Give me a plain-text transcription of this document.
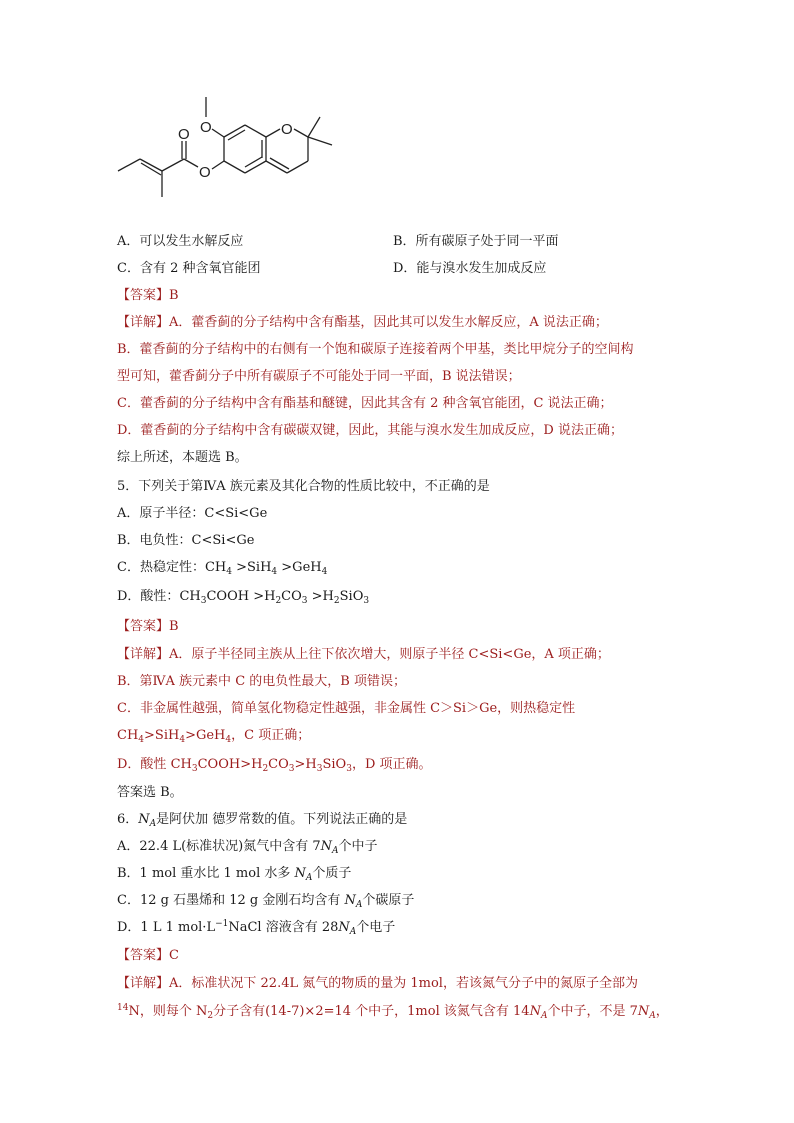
O	O
O
O
A．可以发生水解反应	B．所有碳原子处于同一平面
C．含有 2 种含氧官能团	D．能与溴水发生加成反应
【答案】B
【详解】A．藿香蓟的分子结构中含有酯基，因此其可以发生水解反应，A 说法正确；
B．藿香蓟的分子结构中的右侧有一个饱和碳原子连接着两个甲基，类比甲烷分子的空间构
型可知，藿香蓟分子中所有碳原子不可能处于同一平面，B 说法错误；
C．藿香蓟的分子结构中含有酯基和醚键，因此其含有 2 种含氧官能团，C 说法正确；
D．藿香蓟的分子结构中含有碳碳双键，因此，其能与溴水发生加成反应，D 说法正确；
综上所述，本题选 B。
5．下列关于第ⅣA 族元素及其化合物的性质比较中，不正确的是
A．原子半径：C<Si<Ge
B．电负性：C<Si<Ge
C．热稳定性：$CH_4 >SiH_4 >GeH_4$
D．酸性：$CH_3COOH >H_2CO_3 >H_2SiO_3$
【答案】B
【详解】A．原子半径同主族从上往下依次增大，则原子半径 C<Si<Ge，A 项正确；
B．第ⅣA 族元素中 C 的电负性最大，B 项错误；
C．非金属性越强，简单氢化物稳定性越强，非金属性 C＞Si＞Ge，则热稳定性
$CH_4>SiH_4>GeH_4$，C 项正确；
D．酸性 $CH_3COOH>H_2CO_3>H_3SiO_3$，D 项正确。
答案选 B。
6．$N_A$是阿伏加 德罗常数的值。下列说法正确的是
A．22.4 L(标准状况)氮气中含有 $7N_A$个中子
B．1 mol 重水比 1 mol 水多 $N_A$个质子
C．12 g 石墨烯和 12 g 金刚石均含有 $N_A$个碳原子
D．1 L 1 $mol\cdot L^{-1}NaCl$ 溶液含有 $28N_A$个电子
【答案】C
【详解】A．标准状况下 22.4L 氮气的物质的量为 1mol，若该氮气分子中的氮原子全部为
$^{14}$N，则每个 $N_2$分子含有(14-7)×2=14 个中子，1mol 该氮气含有 $14N_A$个中子，不是 $7N_A$，
